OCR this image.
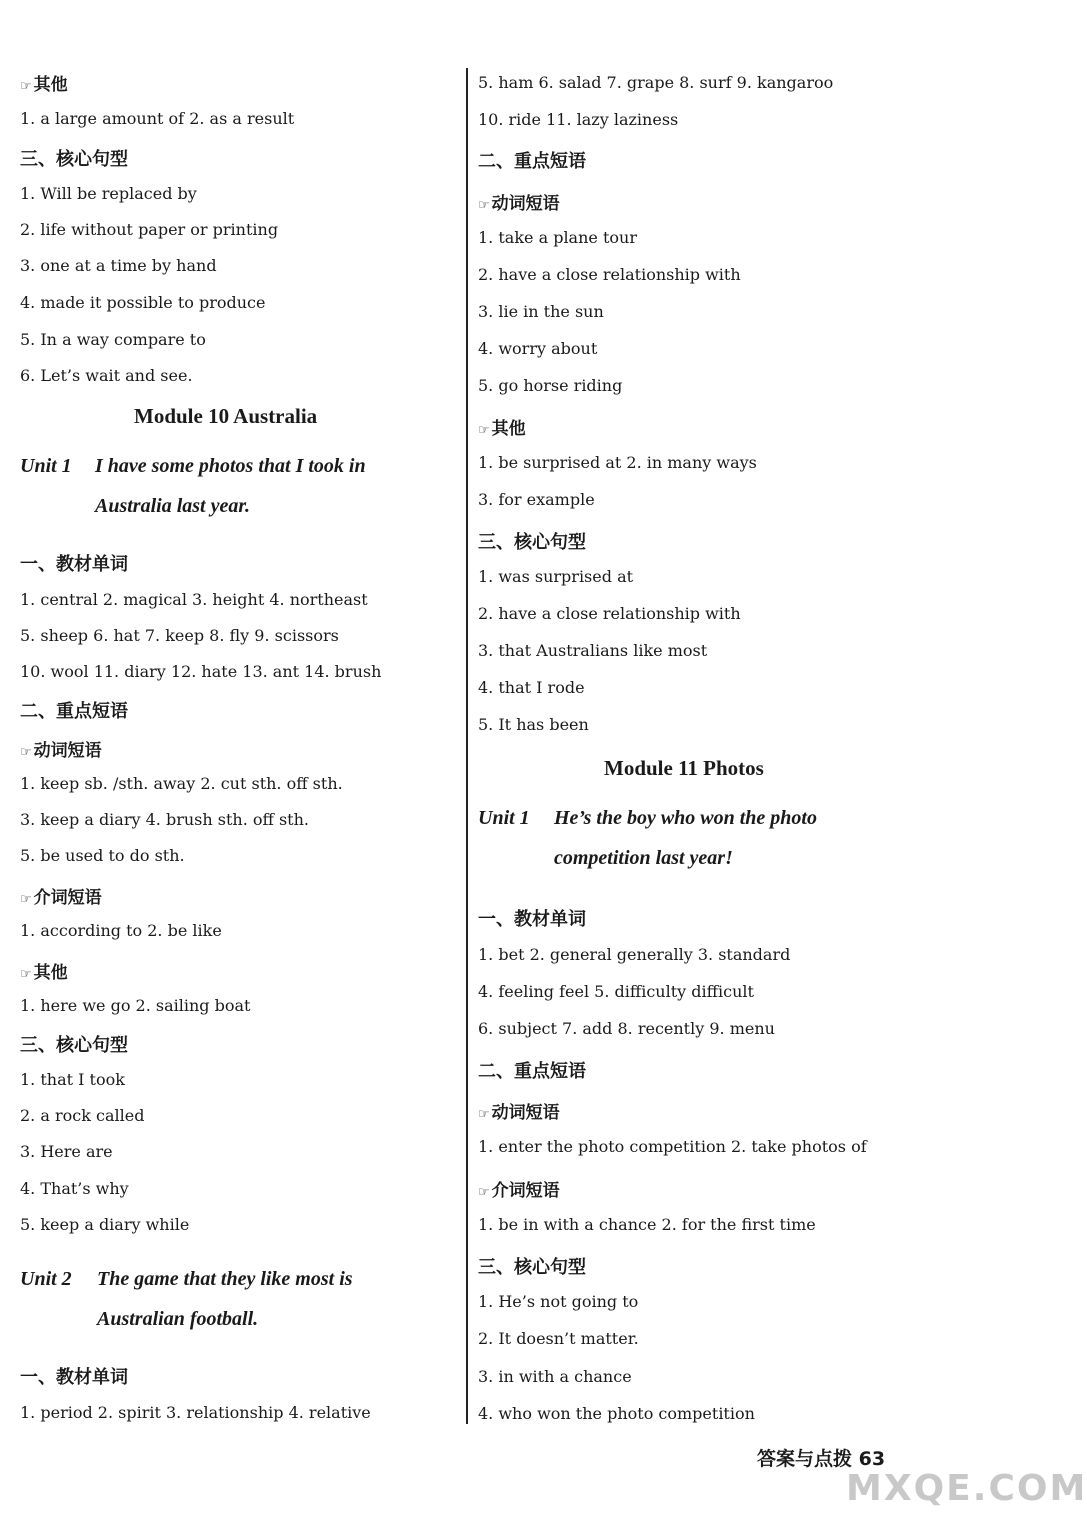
☞ 其他
1. a large amount of 2. as a result
三、核心句型
1. Will be replaced by
2. life without paper or printing
3. one at a time by hand
4. made it possible to produce
5. In a way compare to
6. Let’s wait and see.
Module 10 Australia
Unit 1 I have some photos that I took in
Australia last year.
一、教材单词
1. central 2. magical 3. height 4. northeast
5. sheep 6. hat 7. keep 8. fly 9. scissors
10. wool 11. diary 12. hate 13. ant 14. brush
二、重点短语
☞ 动词短语
1. keep sb. /sth. away 2. cut sth. off sth.
3. keep a diary 4. brush sth. off sth.
5. be used to do sth.
☞ 介词短语
1. according to 2. be like
☞ 其他
1. here we go 2. sailing boat
三、核心句型
1. that I took
2. a rock called
3. Here are
4. That’s why
5. keep a diary while
Unit 2 The game that they like most is
Australian football.
一、教材单词
1. period 2. spirit 3. relationship 4. relative
5. ham 6. salad 7. grape 8. surf 9. kangaroo
10. ride 11. lazy laziness
二、重点短语
☞ 动词短语
1. take a plane tour
2. have a close relationship with
3. lie in the sun
4. worry about
5. go horse riding
☞ 其他
1. be surprised at 2. in many ways
3. for example
三、核心句型
1. was surprised at
2. have a close relationship with
3. that Australians like most
4. that I rode
5. It has been
Module 11 Photos
Unit 1 He’s the boy who won the photo
competition last year!
一、教材单词
1. bet 2. general generally 3. standard
4. feeling feel 5. difficulty difficult
6. subject 7. add 8. recently 9. menu
二、重点短语
☞ 动词短语
1. enter the photo competition 2. take photos of
☞ 介词短语
1. be in with a chance 2. for the first time
三、核心句型
1. He’s not going to
2. It doesn’t matter.
3. in with a chance
4. who won the photo competition
答案与点拨 63
MXQE.COM
